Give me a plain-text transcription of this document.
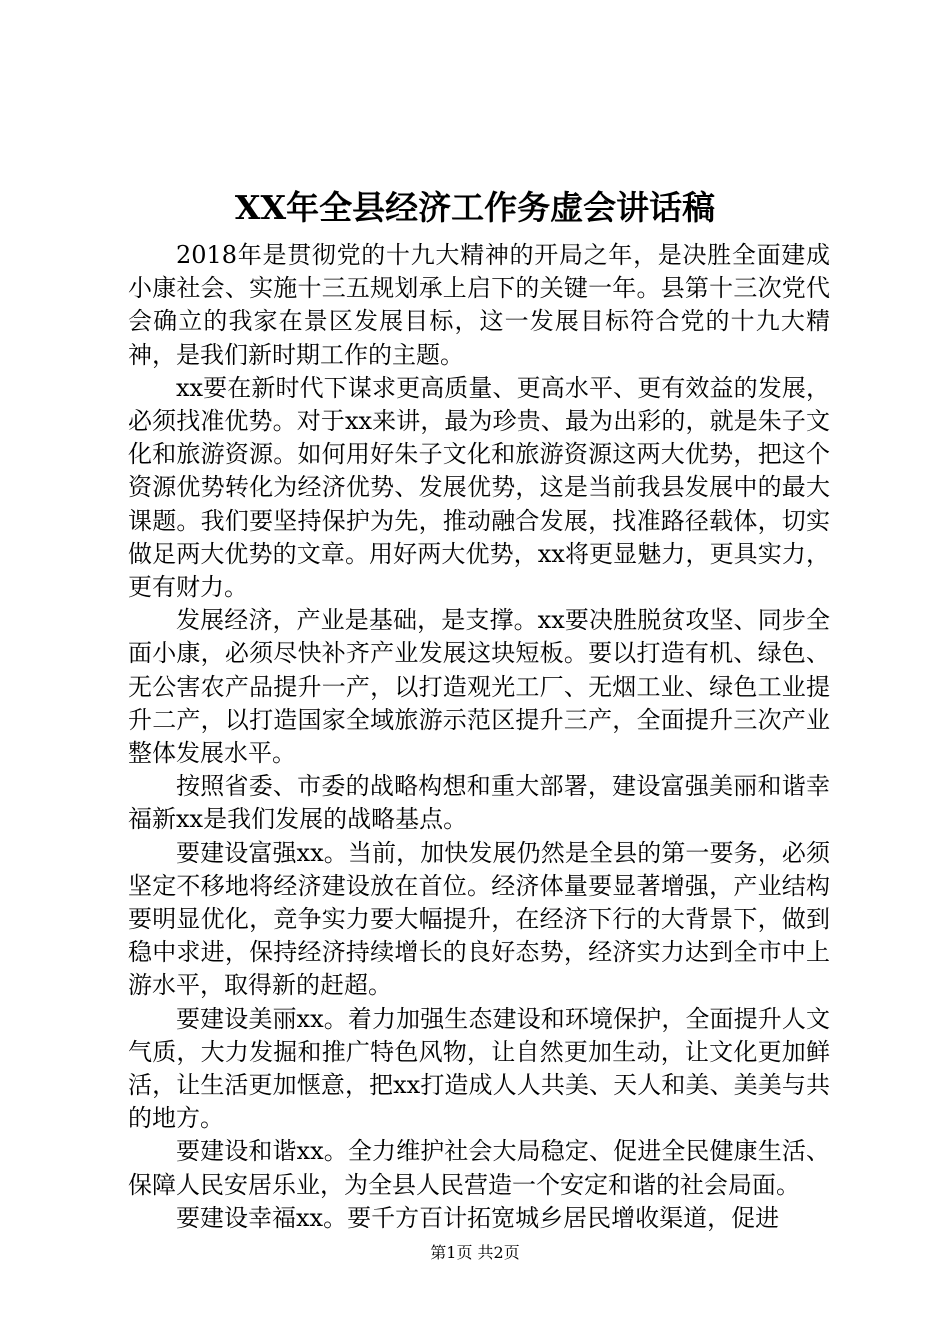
XX年全县经济工作务虚会讲话稿

2018年是贯彻党的十九大精神的开局之年，是决胜全面建成小康社会、实施十三五规划承上启下的关键一年。县第十三次党代会确立的我家在景区发展目标，这一发展目标符合党的十九大精神，是我们新时期工作的主题。

xx要在新时代下谋求更高质量、更高水平、更有效益的发展，必须找准优势。对于xx来讲，最为珍贵、最为出彩的，就是朱子文化和旅游资源。如何用好朱子文化和旅游资源这两大优势，把这个资源优势转化为经济优势、发展优势，这是当前我县发展中的最大课题。我们要坚持保护为先，推动融合发展，找准路径载体，切实做足两大优势的文章。用好两大优势，xx将更显魅力，更具实力，更有财力。

发展经济，产业是基础，是支撑。xx要决胜脱贫攻坚、同步全面小康，必须尽快补齐产业发展这块短板。要以打造有机、绿色、无公害农产品提升一产，以打造观光工厂、无烟工业、绿色工业提升二产，以打造国家全域旅游示范区提升三产，全面提升三次产业整体发展水平。

按照省委、市委的战略构想和重大部署，建设富强美丽和谐幸福新xx是我们发展的战略基点。

要建设富强xx。当前，加快发展仍然是全县的第一要务，必须坚定不移地将经济建设放在首位。经济体量要显著增强，产业结构要明显优化，竞争实力要大幅提升，在经济下行的大背景下，做到稳中求进，保持经济持续增长的良好态势，经济实力达到全市中上游水平，取得新的赶超。

要建设美丽xx。着力加强生态建设和环境保护，全面提升人文气质，大力发掘和推广特色风物，让自然更加生动，让文化更加鲜活，让生活更加惬意，把xx打造成人人共美、天人和美、美美与共的地方。

要建设和谐xx。全力维护社会大局稳定、促进全民健康生活、保障人民安居乐业，为全县人民营造一个安定和谐的社会局面。

要建设幸福xx。要千方百计拓宽城乡居民增收渠道，促进

第1页 共2页
